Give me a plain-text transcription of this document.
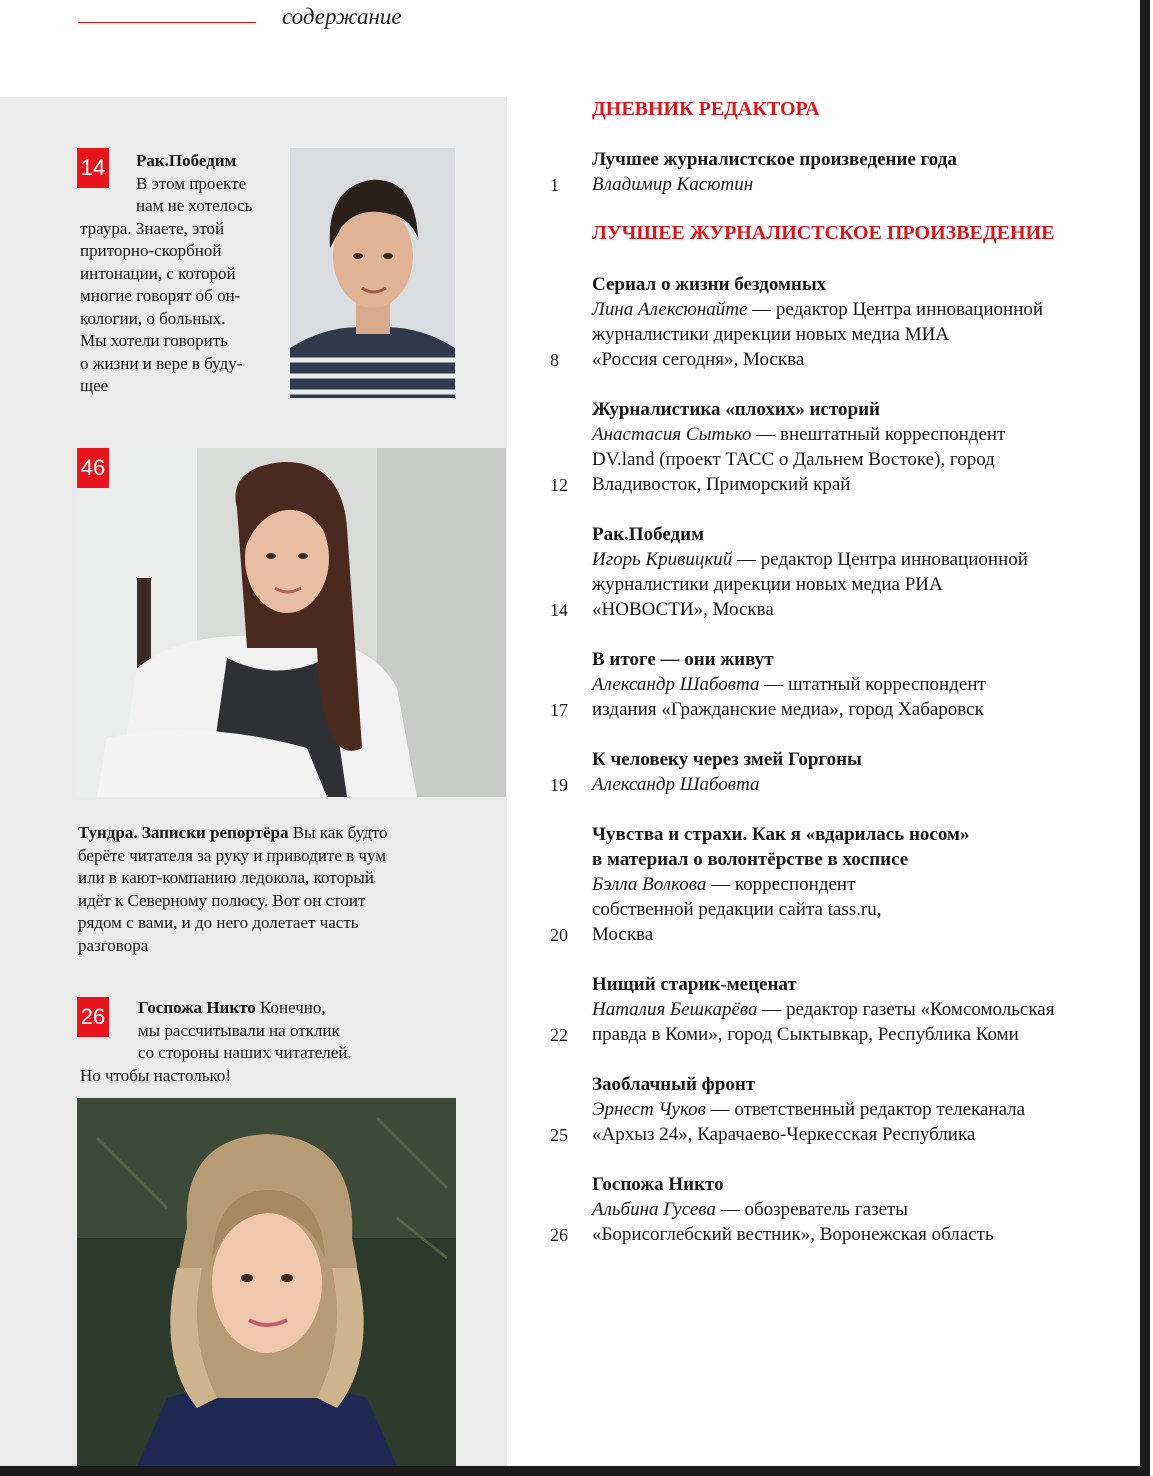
содержание
14	Рак.Победим
В этом проекте
нам не хотелось
траура. Знаете, этой
приторно-скорбной
интонации, с которой
многие говорят об он-
кологии, о больных.
Мы хотели говорить
о жизни и вере в буду-
щее
46
Тундра. Записки репортёра Вы как будто
берёте читателя за руку и приводите в чум
или в кают-компанию ледокола, который
идёт к Северному полюсу. Вот он стоит
рядом с вами, и до него долетает часть
разговора
26	Госпожа Никто Конечно,
мы рассчитывали на отклик
со стороны наших читателей.
Но чтобы настолько!
ДНЕВНИК РЕДАКТОРА
1
Лучшее журналистское произведение года
Владимир Касютин
ЛУЧШЕЕ ЖУРНАЛИСТСКОЕ ПРОИЗВЕДЕНИЕ
8
Сериал о жизни бездомных
Лина Алексюнайте — редактор Центра инновационной
журналистики дирекции новых медиа МИА
«Россия сегодня», Москва
12
Журналистика «плохих» историй
Анастасия Сытько — внештатный корреспондент
DV.land (проект ТАСС о Дальнем Востоке), город
Владивосток, Приморский край
14
Рак.Победим
Игорь Кривицкий — редактор Центра инновационной
журналистики дирекции новых медиа РИА
«НОВОСТИ», Москва
17
В итоге — они живут
Александр Шабовта — штатный корреспондент
издания «Гражданские медиа», город Хабаровск
19
К человеку через змей Горгоны
Александр Шабовта
20
Чувства и страхи. Как я «вдарилась носом»
в материал о волонтёрстве в хосписе
Бэлла Волкова — корреспондент
собственной редакции сайта tass.ru,
Москва
22
Нищий старик-меценат
Наталия Бешкарёва — редактор газеты «Комсомольская
правда в Коми», город Сыктывкар, Республика Коми
25
Заоблачный фронт
Эрнест Чуков — ответственный редактор телеканала
«Архыз 24», Карачаево-Черкесская Республика
26
Госпожа Никто
Альбина Гусева — обозреватель газеты
«Борисоглебский вестник», Воронежская область
